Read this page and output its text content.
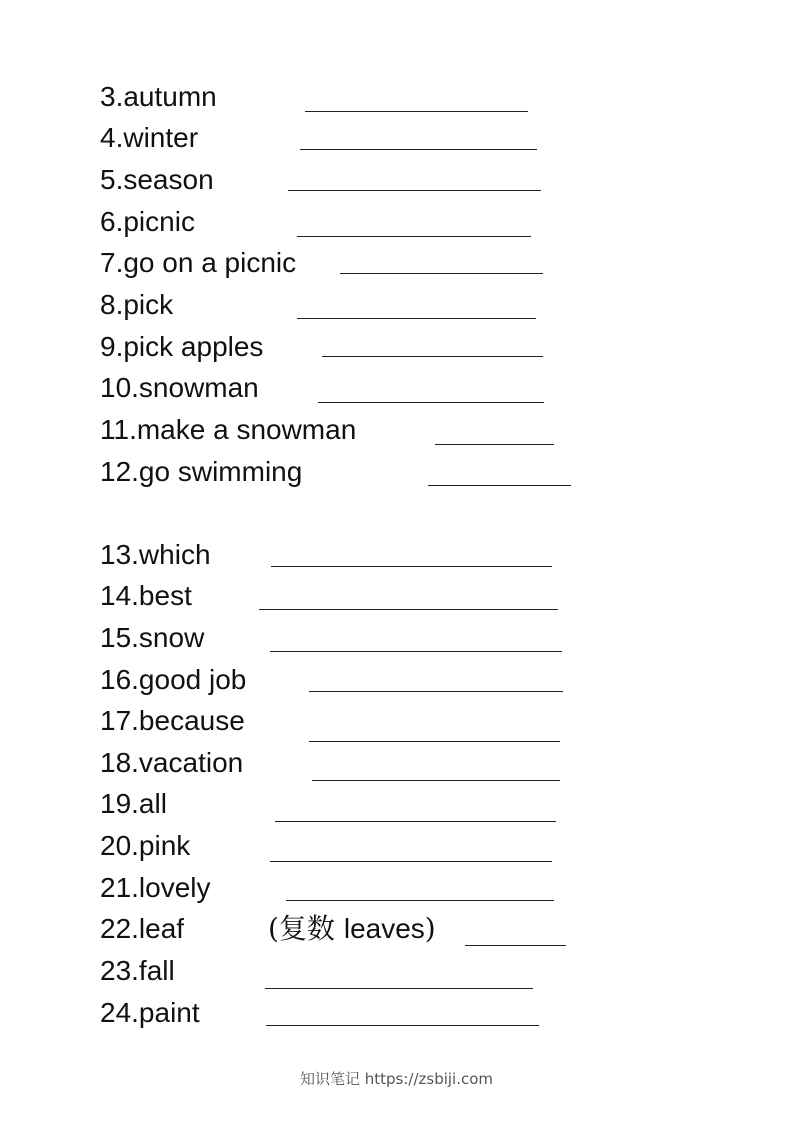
3.autumn
4.winter
5.season
6.picnic
7.go on a picnic
8.pick
9.pick apples
10.snowman
11.make a snowman
12.go swimming
13.which
14.best
15.snow
16.good job
17.because
18.vacation
19.all
20.pink
21.lovely
22.leaf	(复数 leaves)
23.fall
24.paint
知识笔记 https://zsbiji.com
